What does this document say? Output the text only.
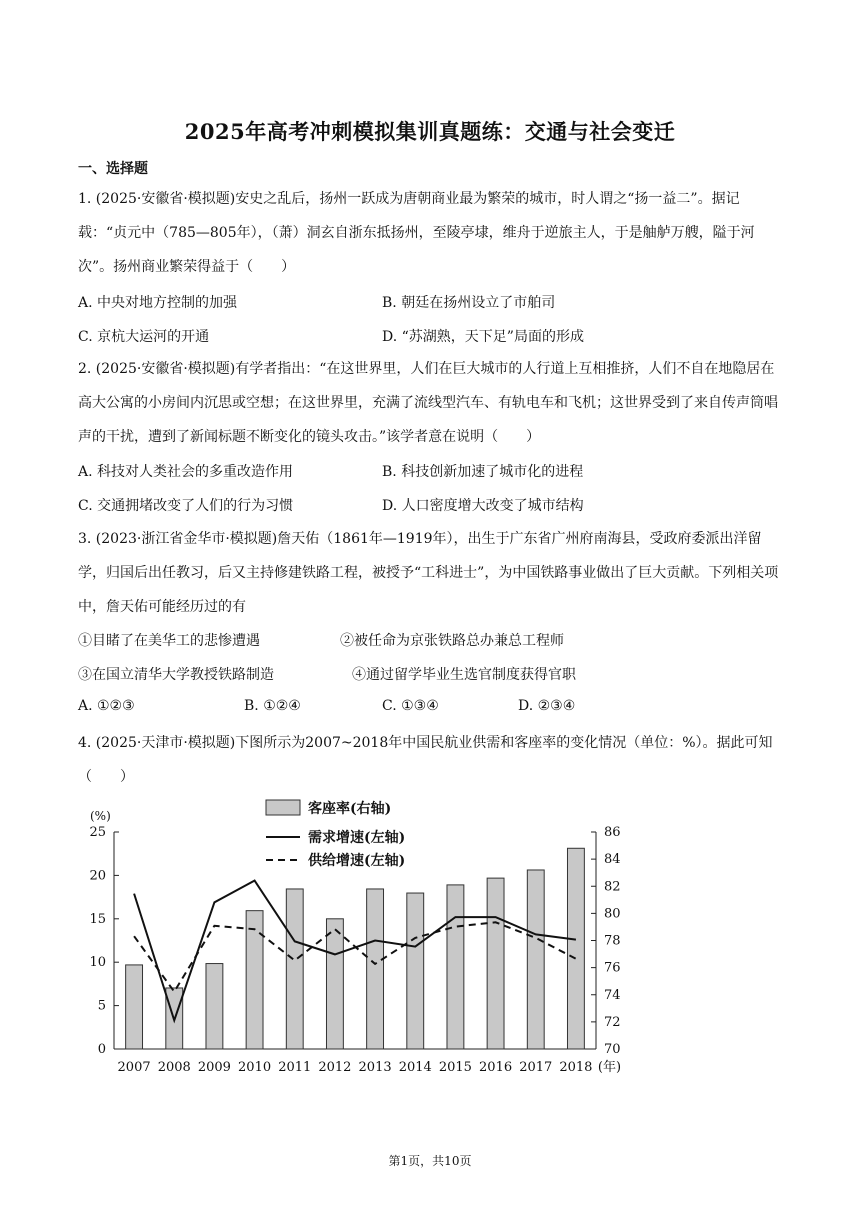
2025年高考冲刺模拟集训真题练：交通与社会变迁
一、选择题
1. (2025·安徽省·模拟题)安史之乱后，扬州一跃成为唐朝商业最为繁荣的城市，时人谓之“扬一益二”。据记载：“贞元中（785—805年），（萧）洞玄自浙东抵扬州，至陵亭埭，维舟于逆旅主人，于是舳舻万艘，隘于河次”。扬州商业繁荣得益于（　　）
A. 中央对地方控制的加强	B. 朝廷在扬州设立了市舶司
C. 京杭大运河的开通	D. “苏湖熟，天下足”局面的形成
2. (2025·安徽省·模拟题)有学者指出：“在这世界里，人们在巨大城市的人行道上互相推挤，人们不自在地隐居在高大公寓的小房间内沉思或空想；在这世界里，充满了流线型汽车、有轨电车和飞机；这世界受到了来自传声筒唱声的干扰，遭到了新闻标题不断变化的镜头攻击。”该学者意在说明（　　）
A. 科技对人类社会的多重改造作用	B. 科技创新加速了城市化的进程
C. 交通拥堵改变了人们的行为习惯	D. 人口密度增大改变了城市结构
3. (2023·浙江省金华市·模拟题)詹天佑（1861年—1919年），出生于广东省广州府南海县，受政府委派出洋留学，归国后出任教习，后又主持修建铁路工程，被授予“工科进士”，为中国铁路事业做出了巨大贡献。下列相关项中，詹天佑可能经历过的有
①目睹了在美华工的悲惨遭遇	②被任命为京张铁路总办兼总工程师
③在国立清华大学教授铁路制造	④通过留学毕业生选官制度获得官职
A. ①②③	B. ①②④	C. ①③④	D. ②③④
4. (2025·天津市·模拟题)下图所示为2007~2018年中国民航业供需和客座率的变化情况（单位：%）。据此可知（　　）
0
5
10
15
20
25
70
72
74
76
78
80
82
84
86
(%)
2007 2008 2009 2010 2011 2012 2013 2014 2015 2016 2017 2018 (年)
客座率(右轴)
需求增速(左轴)
供给增速(左轴)
第1页，共10页
